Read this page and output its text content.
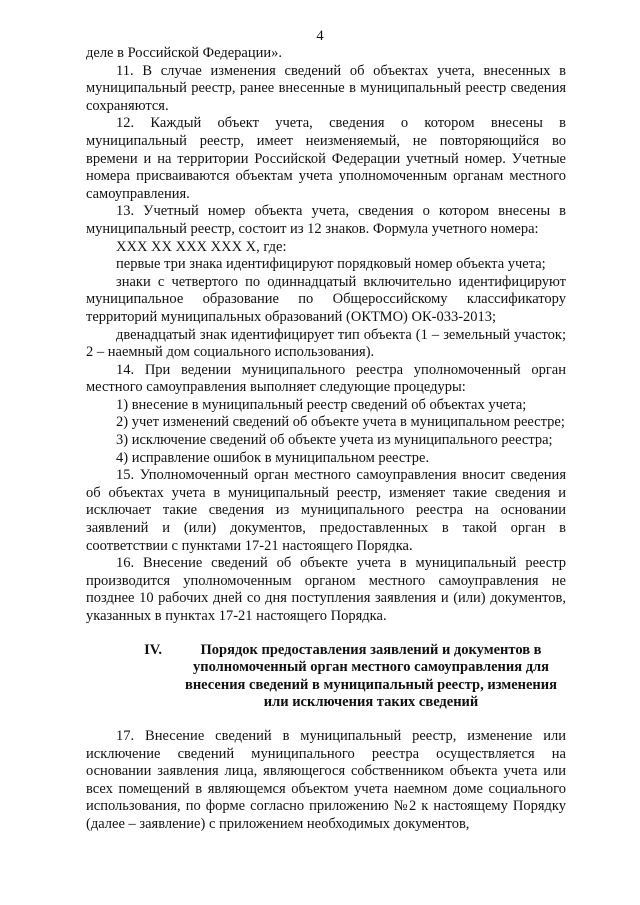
4

деле в Российской Федерации».

11. В случае изменения сведений об объектах учета, внесенных в муниципальный реестр, ранее внесенные в муниципальный реестр сведения сохраняются.

12. Каждый объект учета, сведения о котором внесены в муниципальный реестр, имеет неизменяемый, не повторяющийся во времени и на территории Российской Федерации учетный номер. Учетные номера присваиваются объектам учета уполномоченным органам местного самоуправления.

13. Учетный номер объекта учета, сведения о котором внесены в муниципальный реестр, состоит из 12 знаков. Формула учетного номера:

ХХХ ХХ ХХХ ХХХ Х, где:

первые три знака идентифицируют порядковый номер объекта учета;

знаки с четвертого по одиннадцатый включительно идентифицируют муниципальное образование по Общероссийскому классификатору территорий муниципальных образований (ОКТМО) ОК-033-2013;

двенадцатый знак идентифицирует тип объекта (1 – земельный участок; 2 – наемный дом социального использования).

14. При ведении муниципального реестра уполномоченный орган местного самоуправления выполняет следующие процедуры:

1) внесение в муниципальный реестр сведений об объектах учета;

2) учет изменений сведений об объекте учета в муниципальном реестре;

3) исключение сведений об объекте учета из муниципального реестра;

4) исправление ошибок в муниципальном реестре.

15. Уполномоченный орган местного самоуправления вносит сведения об объектах учета в муниципальный реестр, изменяет такие сведения и исключает такие сведения из муниципального реестра на основании заявлений и (или) документов, предоставленных в такой орган в соответствии с пунктами 17-21 настоящего Порядка.

16. Внесение сведений об объекте учета в муниципальный реестр производится уполномоченным органом местного самоуправления не позднее 10 рабочих дней со дня поступления заявления и (или) документов, указанных в пунктах 17-21 настоящего Порядка.

IV.	Порядок предоставления заявлений и документов в уполномоченный орган местного самоуправления для внесения сведений в муниципальный реестр, изменения или исключения таких сведений

17. Внесение сведений в муниципальный реестр, изменение или исключение сведений муниципального реестра осуществляется на основании заявления лица, являющегося собственником объекта учета или всех помещений в являющемся объектом учета наемном доме социального использования, по форме согласно приложению №2 к настоящему Порядку (далее – заявление) с приложением необходимых документов,
